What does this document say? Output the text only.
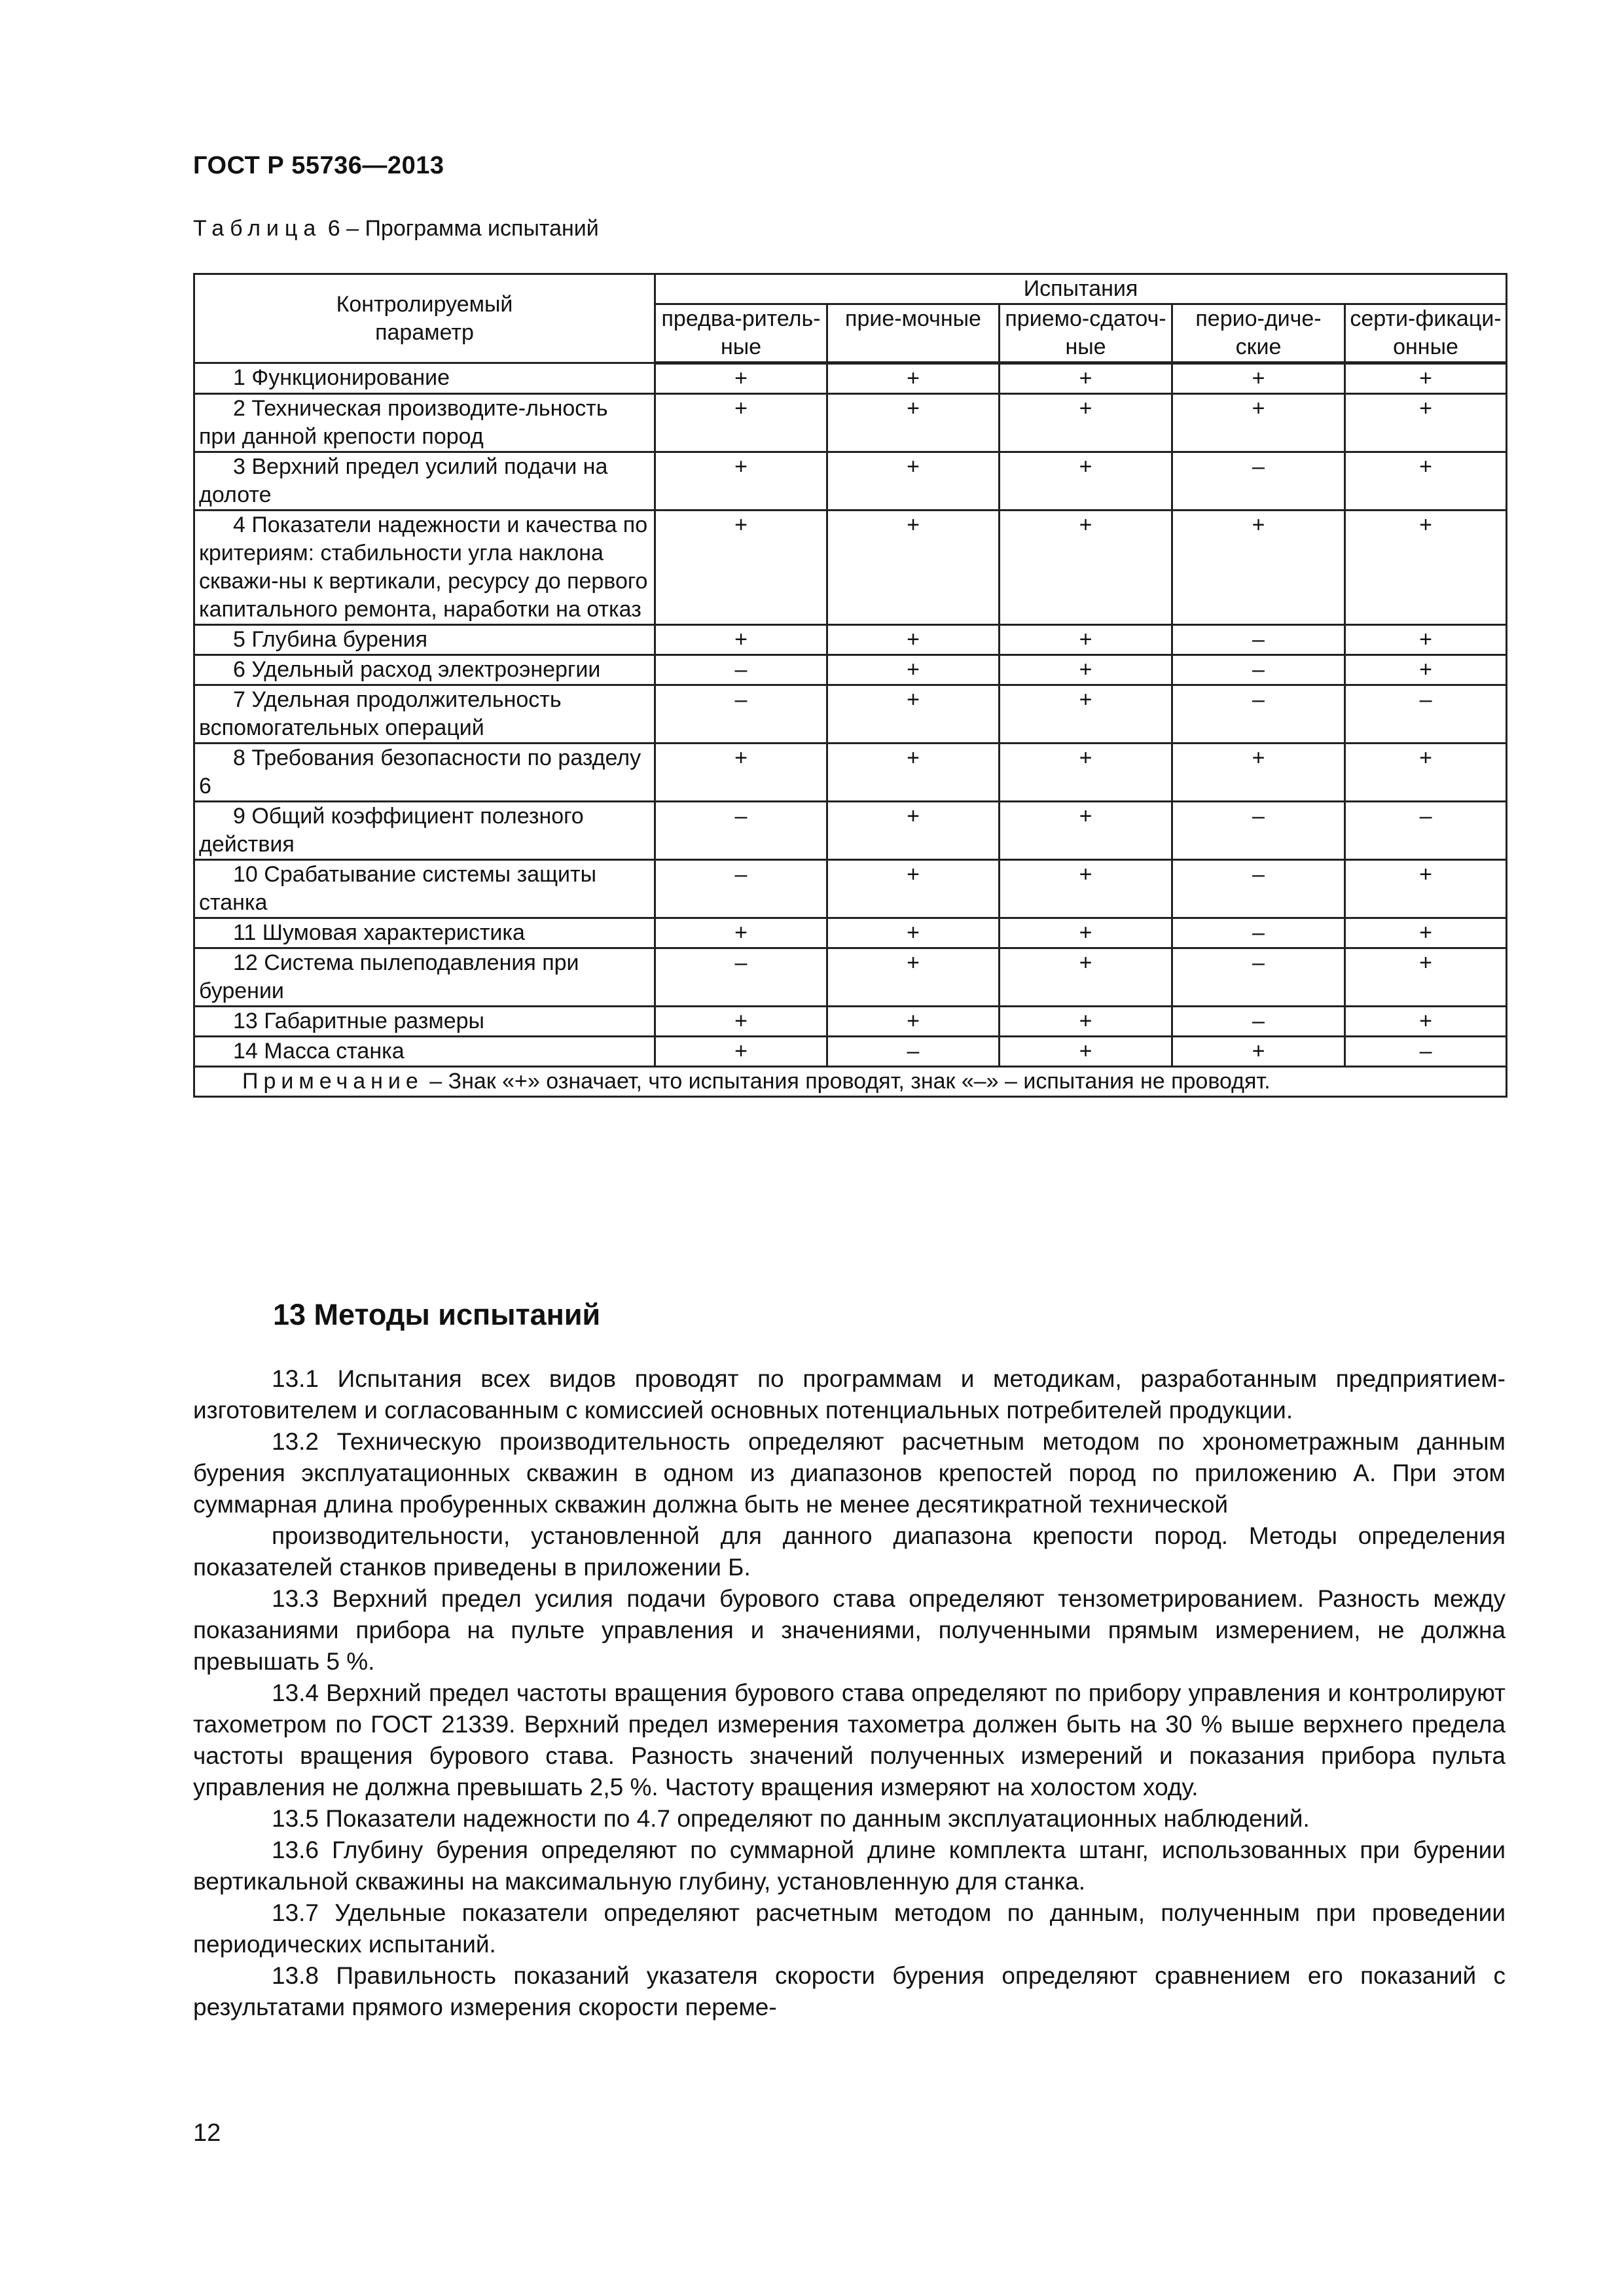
ГОСТ Р 55736—2013
Таблица 6 – Программа испытаний
Контролируемый параметр	Испытания				
	предва-ритель-ные	прие-мочные	приемо-сдаточ-ные	перио-диче-ские	серти-фикаци-онные
1 Функционирование	+	+	+	+	+
2 Техническая производите-льность при данной крепости пород	+	+	+	+	+
3 Верхний предел усилий подачи на долоте	+	+	+	–	+
4 Показатели надежности и качества по критериям: стабильности угла наклона скважи-ны к вертикали, ресурсу до первого капитального ремонта, наработки на отказ	+	+	+	+	+
5 Глубина бурения	+	+	+	–	+
6 Удельный расход электроэнергии	–	+	+	–	+
7 Удельная продолжительность вспомогательных операций	–	+	+	–	–
8 Требования безопасности по разделу 6	+	+	+	+	+
9 Общий коэффициент полезного действия	–	+	+	–	–
10 Срабатывание системы защиты станка	–	+	+	–	+
11 Шумовая характеристика	+	+	+	–	+
12 Система пылеподавления при бурении	–	+	+	–	+
13 Габаритные размеры	+	+	+	–	+
14 Масса станка	+	–	+	+	–
Примечание – Знак «+» означает, что испытания проводят, знак «–» – испытания не проводят.					
13 Методы испытаний

13.1 Испытания всех видов проводят по программам и методикам, разработанным предприятием-изготовителем и согласованным с комиссией основных потенциальных потребителей продукции.

13.2 Техническую производительность определяют расчетным методом по хронометражным данным бурения эксплуатационных скважин в одном из диапазонов крепостей пород по приложению А. При этом суммарная длина пробуренных скважин должна быть не менее десятикратной технической

производительности, установленной для данного диапазона крепости пород. Методы определения показателей станков приведены в приложении Б.

13.3 Верхний предел усилия подачи бурового става определяют тензометрированием. Разность между показаниями прибора на пульте управления и значениями, полученными прямым измерением, не должна превышать 5 %.

13.4 Верхний предел частоты вращения бурового става определяют по прибору управления и контролируют тахометром по ГОСТ 21339. Верхний предел измерения тахометра должен быть на 30 % выше верхнего предела частоты вращения бурового става. Разность значений полученных измерений и показания прибора пульта управления не должна превышать 2,5 %. Частоту вращения измеряют на холостом ходу.

13.5 Показатели надежности по 4.7 определяют по данным эксплуатационных наблюдений.

13.6 Глубину бурения определяют по суммарной длине комплекта штанг, использованных при бурении вертикальной скважины на максимальную глубину, установленную для станка.

13.7 Удельные показатели определяют расчетным методом по данным, полученным при проведении периодических испытаний.

13.8 Правильность показаний указателя скорости бурения определяют сравнением его показаний с результатами прямого измерения скорости переме-

12
